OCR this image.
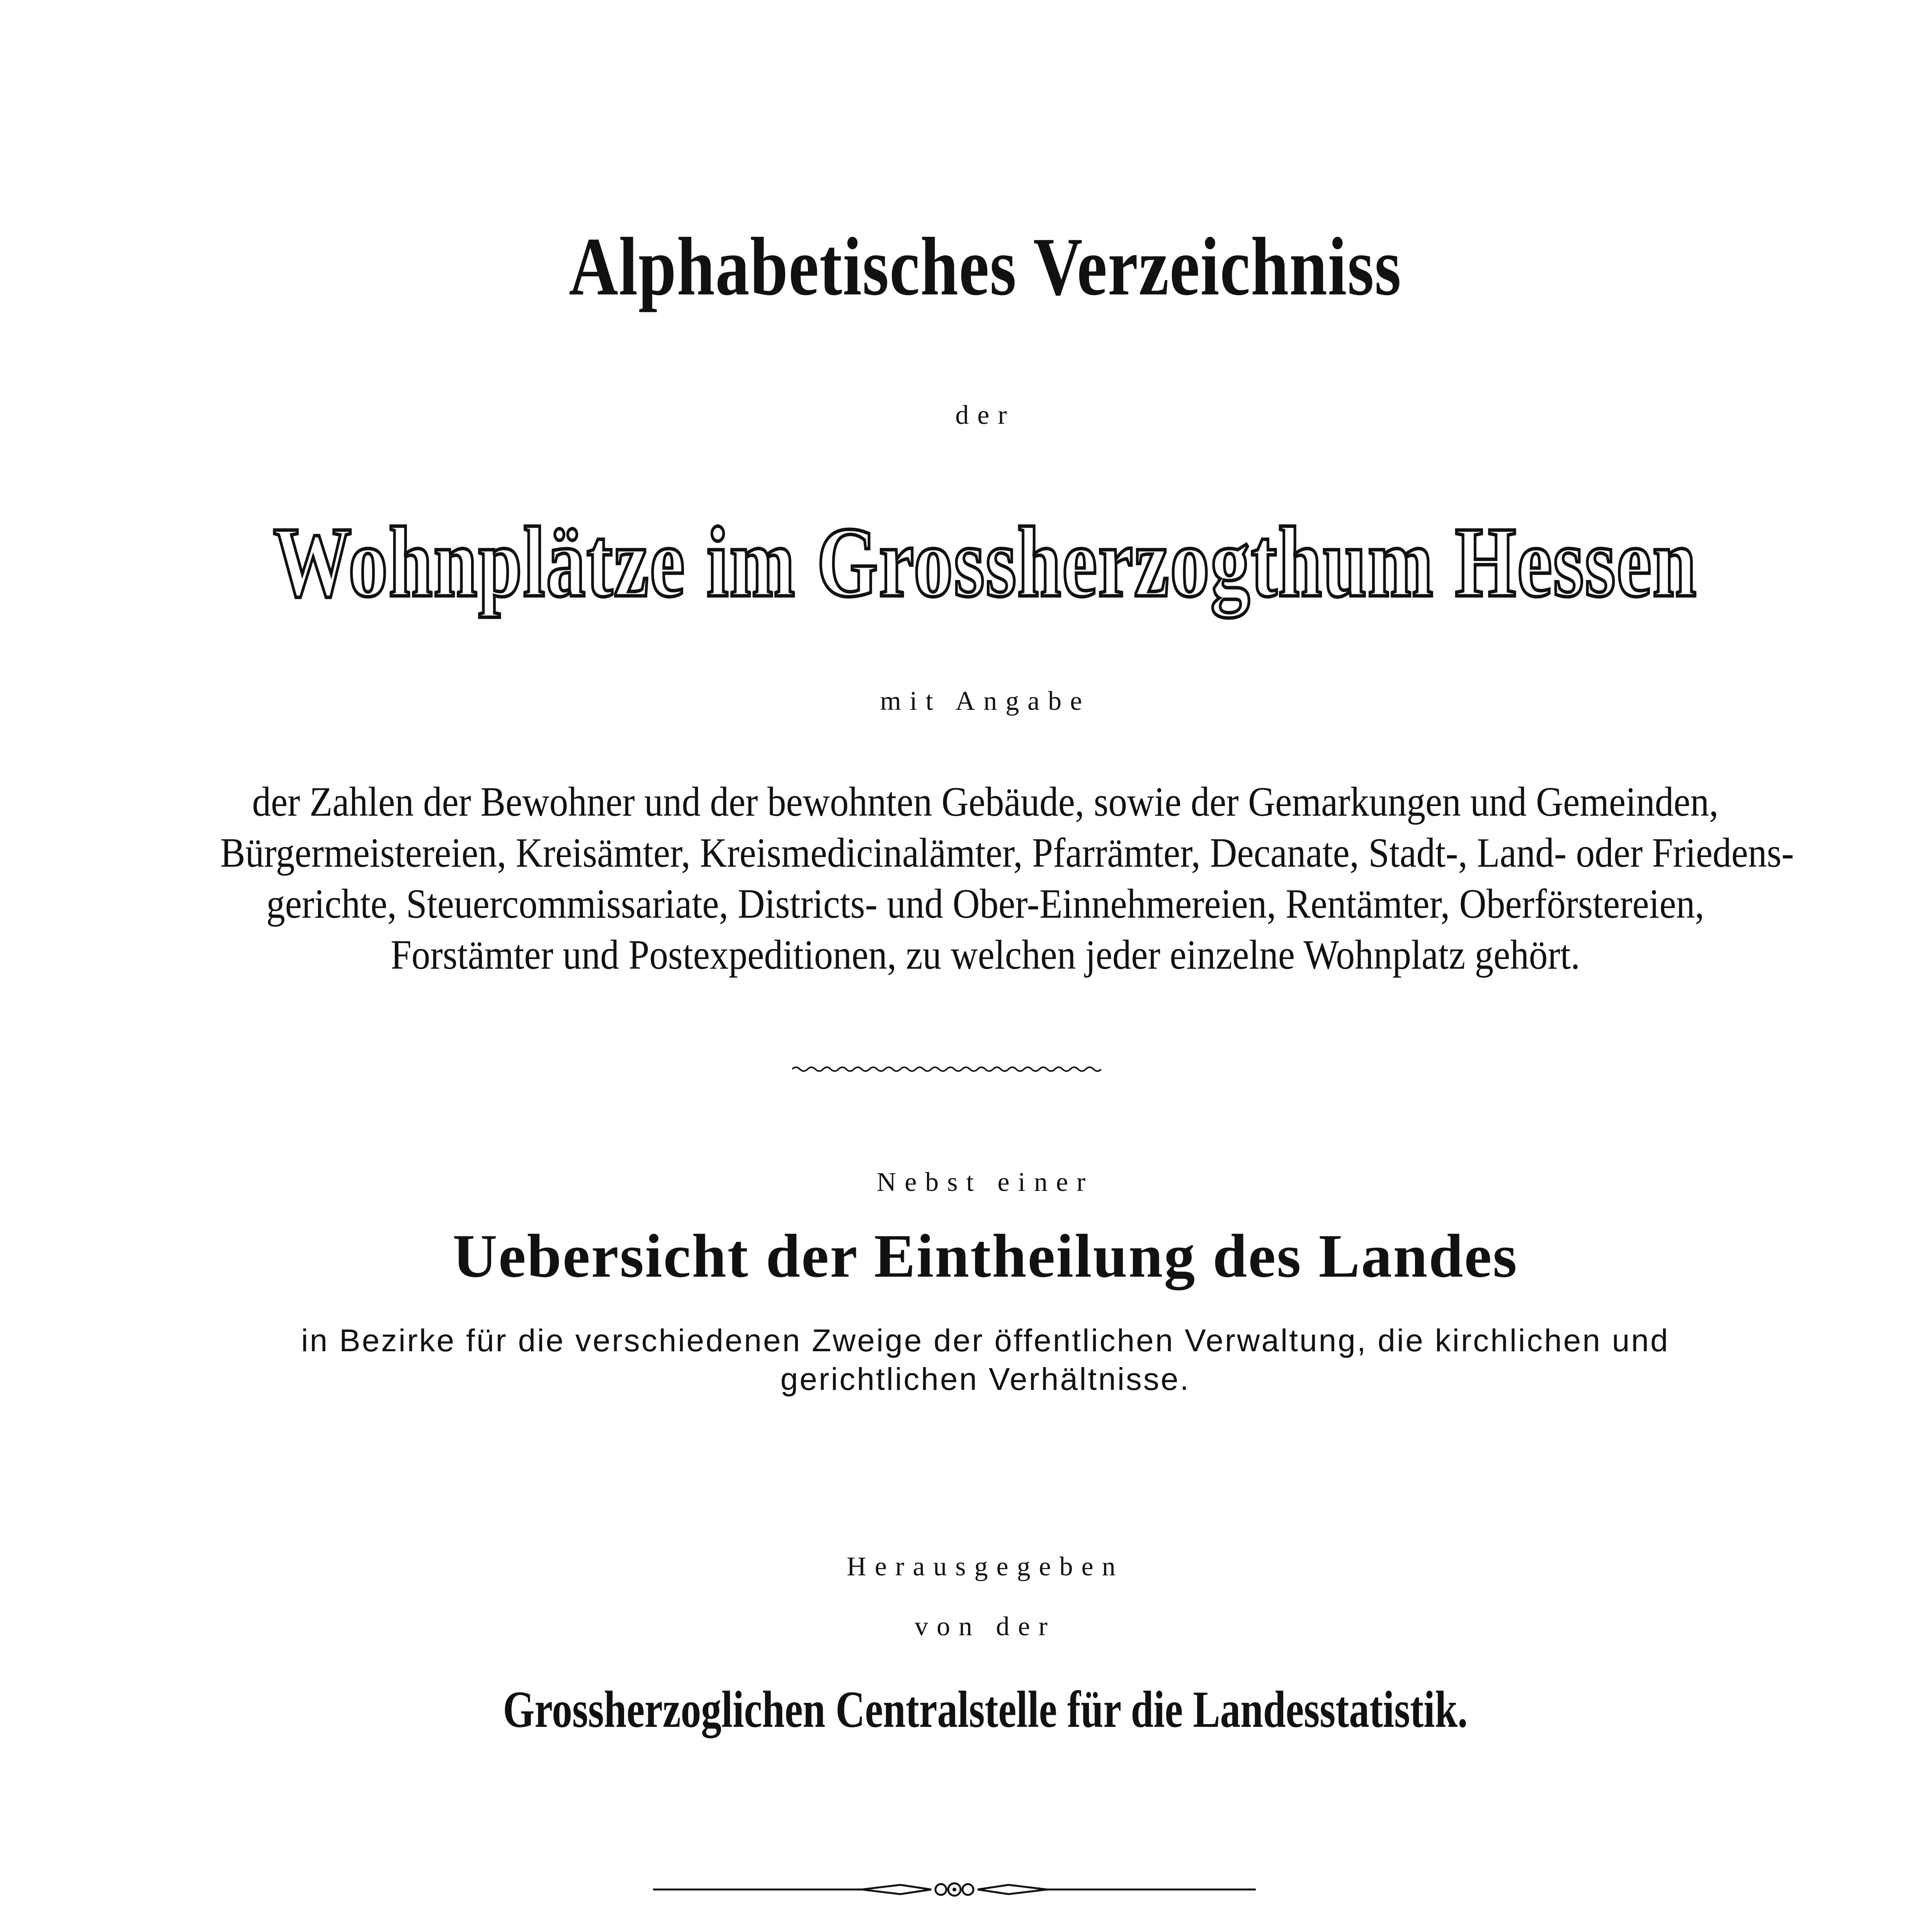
Alphabetisches Verzeichniss

der

Wohnplätze im Grossherzogthum Hessen

mit Angabe

der Zahlen der Bewohner und der bewohnten Gebäude, sowie der Gemarkungen und Gemeinden,
Bürgermeistereien, Kreisämter, Kreismedicinalämter, Pfarrämter, Decanate, Stadt-, Land- oder Friedens-
gerichte, Steuercommissariate, Districts- und Ober-Einnehmereien, Rentämter, Oberförstereien,
Forstämter und Postexpeditionen, zu welchen jeder einzelne Wohnplatz gehört.

Nebst einer

Uebersicht der Eintheilung des Landes

in Bezirke für die verschiedenen Zweige der öffentlichen Verwaltung, die kirchlichen und
gerichtlichen Verhältnisse.

Herausgegeben

von der

Grossherzoglichen Centralstelle für die Landesstatistik.
